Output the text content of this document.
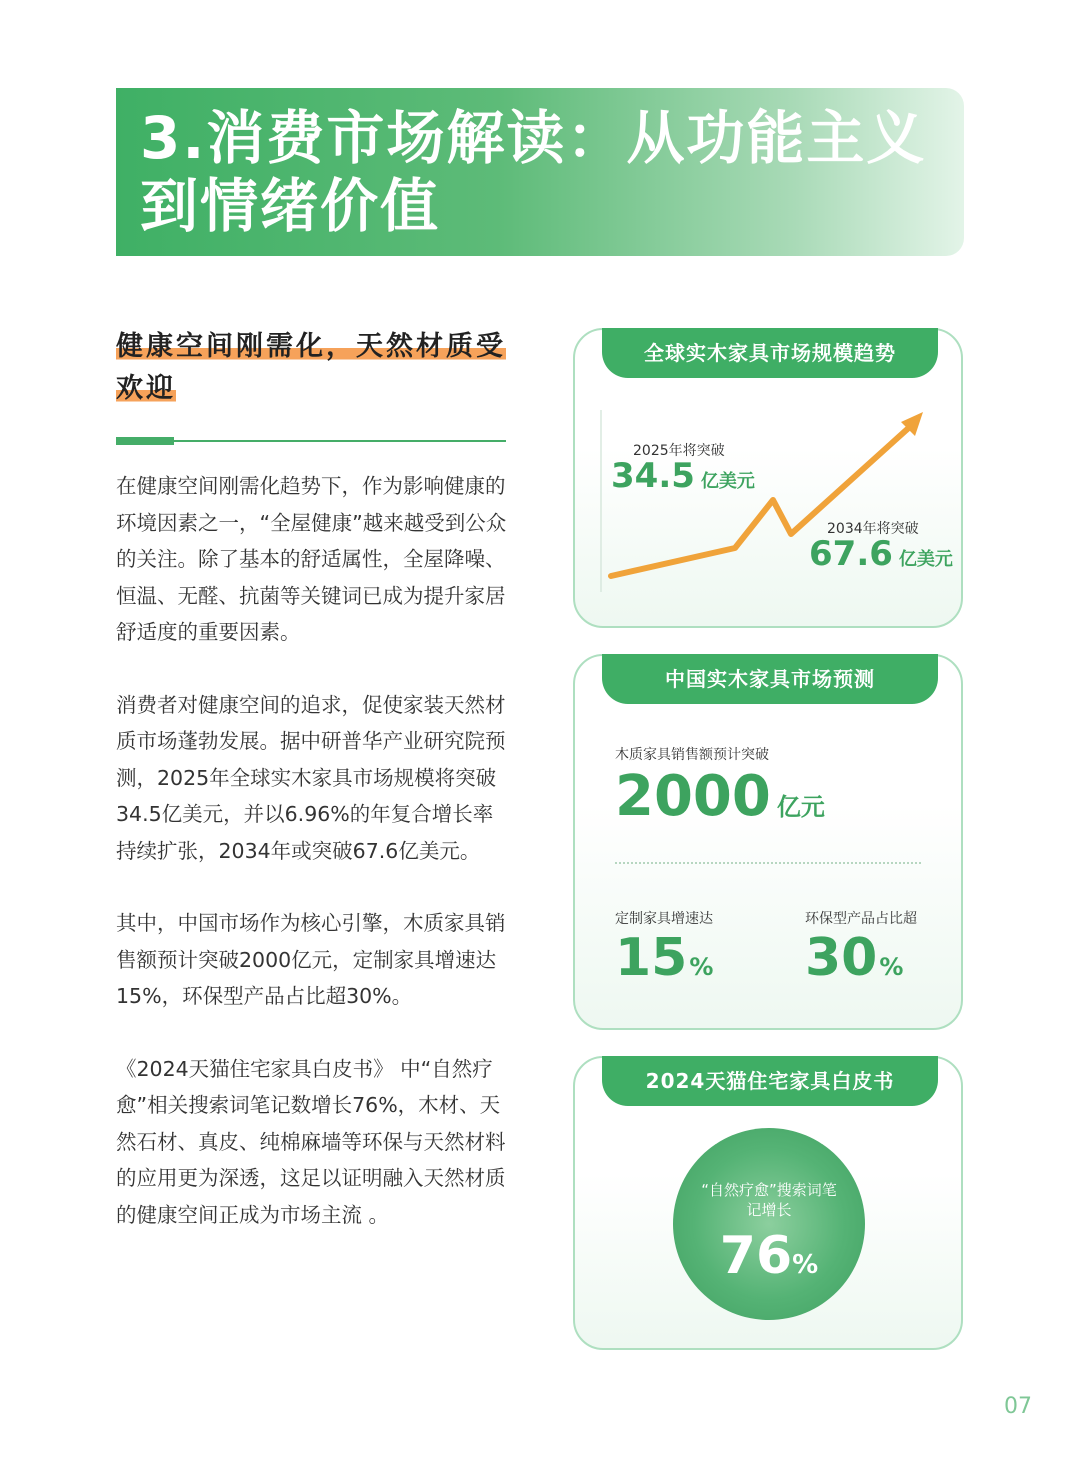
3.消费市场解读：从功能主义到情绪价值
健康空间刚需化，天然材质受欢迎

在健康空间刚需化趋势下，作为影响健康的环境因素之一，“全屋健康”越来越受到公众的关注。除了基本的舒适属性，全屋降噪、恒温、无醛、抗菌等关键词已成为提升家居舒适度的重要因素。

消费者对健康空间的追求，促使家装天然材质市场蓬勃发展。据中研普华产业研究院预测，2025年全球实木家具市场规模将突破34.5亿美元，并以6.96%的年复合增长率持续扩张，2034年或突破67.6亿美元。

其中，中国市场作为核心引擎，木质家具销售额预计突破2000亿元，定制家具增速达15%，环保型产品占比超30%。

《2024天猫住宅家具白皮书》 中“自然疗愈”相关搜索词笔记数增长76%，木材、天然石材、真皮、纯棉麻墙等环保与天然材料的应用更为深透，这足以证明融入天然材质的健康空间正成为市场主流 。

全球实木家具市场规模趋势
2025年将突破
34.5 亿美元
2034年将突破
67.6 亿美元
中国实木家具市场预测
木质家具销售额预计突破
2000 亿元
定制家具增速达
15%
环保型产品占比超
30%
2024天猫住宅家具白皮书
“自然疗愈”搜索词笔记增长
76%
07
